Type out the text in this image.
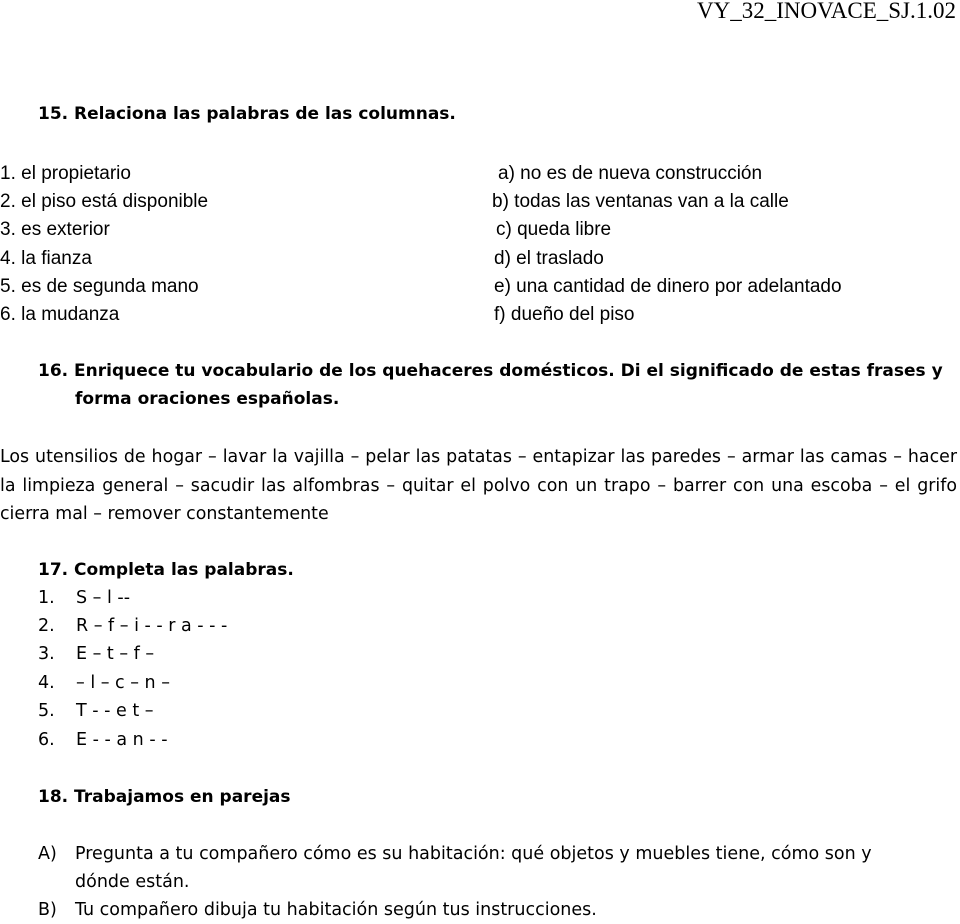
VY_32_INOVACE_SJ.1.02
15. Relaciona las palabras de las columnas.
1. el propietario
2. el piso está disponible
3. es exterior
4. la fianza
5. es de segunda mano
6. la mudanza
a) no es de nueva construcción
b) todas las ventanas van a la calle
c) queda libre
d) el traslado
e) una cantidad de dinero por adelantado
f) dueño del piso
16. Enriquece tu vocabulario de los quehaceres domésticos. Di el significado de estas frases y
forma oraciones españolas.
Los utensilios de hogar – lavar la vajilla – pelar las patatas – entapizar las paredes – armar las camas – hacer la limpieza general – sacudir las alfombras – quitar el polvo con un trapo – barrer con una escoba – el grifo cierra mal – remover constantemente
17. Completa las palabras.
1. S – l --
2. R – f – i - - r a - - -
3. E – t – f –
4. – l – c – n –
5. T - - e t –
6. E - - a n - -
18. Trabajamos en parejas
A) Pregunta a tu compañero cómo es su habitación: qué objetos y muebles tiene, cómo son y
dónde están.
B) Tu compañero dibuja tu habitación según tus instrucciones.
